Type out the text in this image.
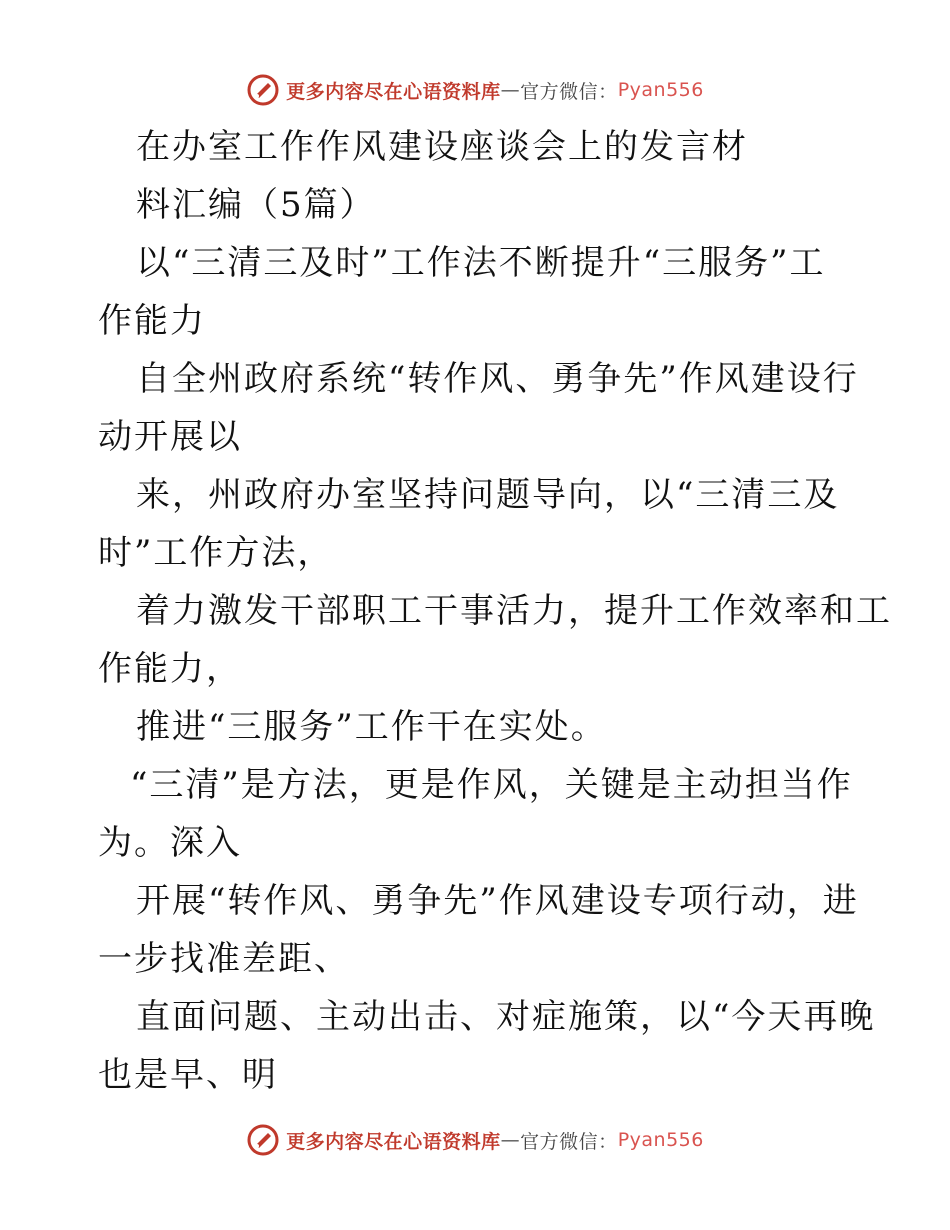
更多内容尽在心语资料库 — 官方微信： Pyan556
在办室工作作风建设座谈会上的发言材
料汇编（5篇）
以“三清三及时”工作法不断提升“三服务”工
作能力
自全州政府系统“转作风、勇争先”作风建设行
动开展以
来，州政府办室坚持问题导向，以“三清三及
时”工作方法，
着力激发干部职工干事活力，提升工作效率和工
作能力，
推进“三服务”工作干在实处。
“三清”是方法，更是作风，关键是主动担当作
为。深入
开展“转作风、勇争先”作风建设专项行动，进
一步找准差距、
直面问题、主动出击、对症施策，以“今天再晚
也是早、明
更多内容尽在心语资料库 — 官方微信： Pyan556
